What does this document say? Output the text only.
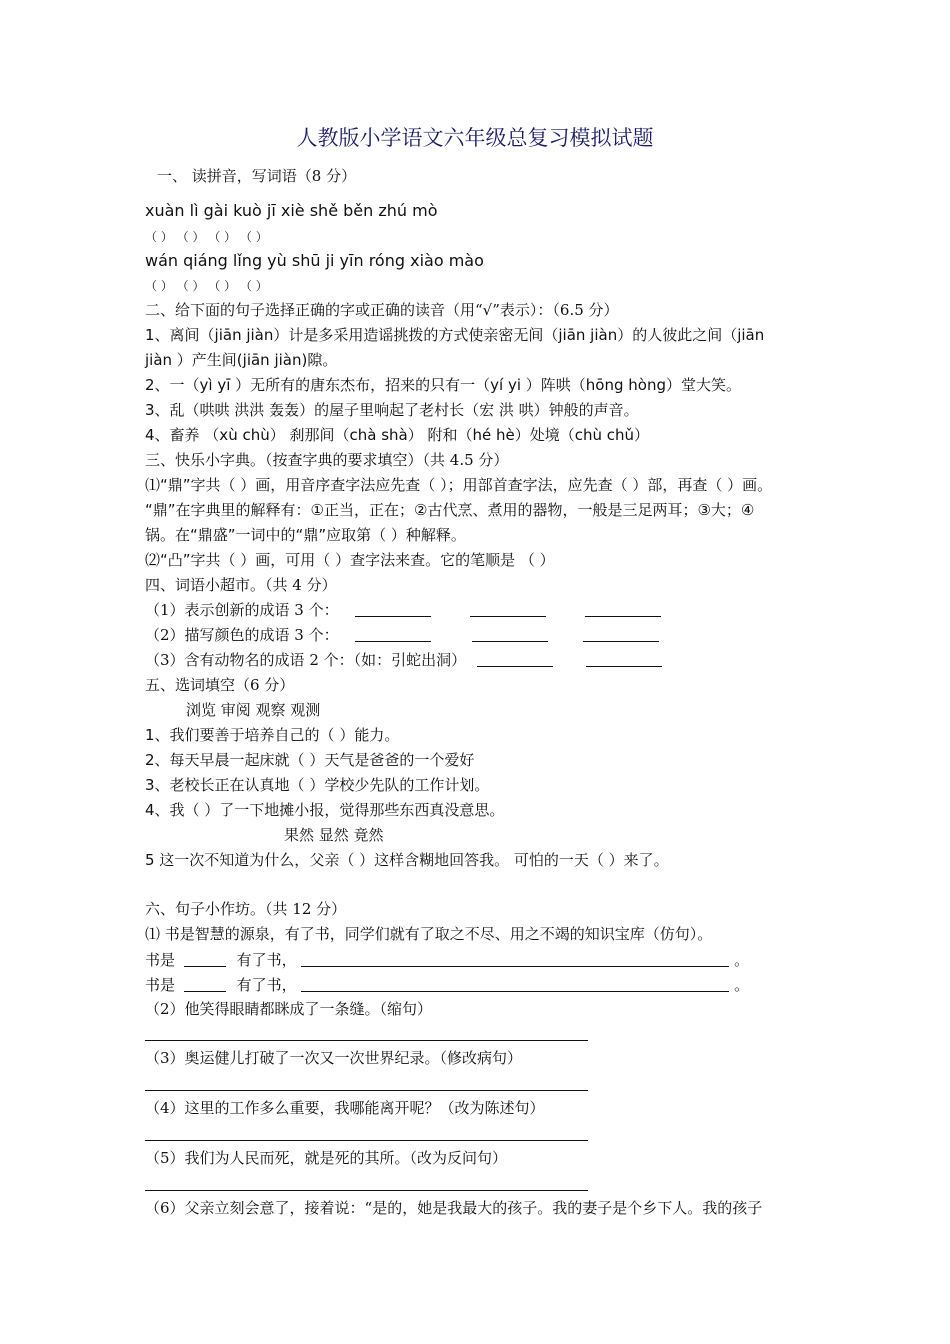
人教版小学语文六年级总复习模拟试题
一、 读拼音，写词语（8 分）
xuàn lì gài kuò jī xiè shě běn zhú mò
（ ） （ ） （ ） （ ）
wán qiáng lǐng yù shū ji yīn róng xiào mào
（ ） （ ） （ ） （ ）
二、给下面的句子选择正确的字或正确的读音（用“√”表示）：（6.5 分）
1、离间（jiān jiàn）计是多采用造谣挑拨的方式使亲密无间（jiān jiàn）的人彼此之间（jiān
jiàn ）产生间(jiān jiàn)隙。
2、一（yì yī ）无所有的唐东杰布，招来的只有一（yí yi ）阵哄（hōng hòng）堂大笑。
3、乱（哄哄 洪洪 轰轰）的屋子里响起了老村长（宏 洪 哄）钟般的声音。
4、畜养 （xù chù） 刹那间（chà shà） 附和（hé hè）处境（chù chǔ）
三、快乐小字典。（按查字典的要求填空）（共 4.5 分）
⑴“鼎”字共（ ）画，用音序查字法应先查（ ）；用部首查字法，应先查（ ）部，再查（ ）画。
“鼎”在字典里的解释有：①正当，正在；②古代烹、煮用的器物，一般是三足两耳；③大；④
锅。在“鼎盛”一词中的“鼎”应取第（ ）种解释。
⑵“凸”字共（ ）画，可用（ ）查字法来查。它的笔顺是 （ ）
四、词语小超市。（共 4 分）
（1）表示创新的成语 3 个：
（2）描写颜色的成语 3 个：
（3）含有动物名的成语 2 个：（如：引蛇出洞）
五、选词填空（6 分）
浏览 审阅 观察 观测
1、我们要善于培养自己的（ ）能力。
2、每天早晨一起床就（ ）天气是爸爸的一个爱好
3、老校长正在认真地（ ）学校少先队的工作计划。
4、我（ ）了一下地摊小报，觉得那些东西真没意思。
果然 显然 竟然
5 这一次不知道为什么，父亲（ ）这样含糊地回答我。 可怕的一天（ ）来了。
六、句子小作坊。（共 12 分）
⑴ 书是智慧的源泉，有了书，同学们就有了取之不尽、用之不竭的知识宝库（仿句）。
书是	有了书，	。
书是	有了书，	。
（2）他笑得眼睛都眯成了一条缝。（缩句）
（3）奥运健儿打破了一次又一次世界纪录。（修改病句）
（4）这里的工作多么重要，我哪能离开呢？（改为陈述句）
（5）我们为人民而死，就是死的其所。（改为反问句）
（6）父亲立刻会意了，接着说：“是的，她是我最大的孩子。我的妻子是个乡下人。我的孩子
